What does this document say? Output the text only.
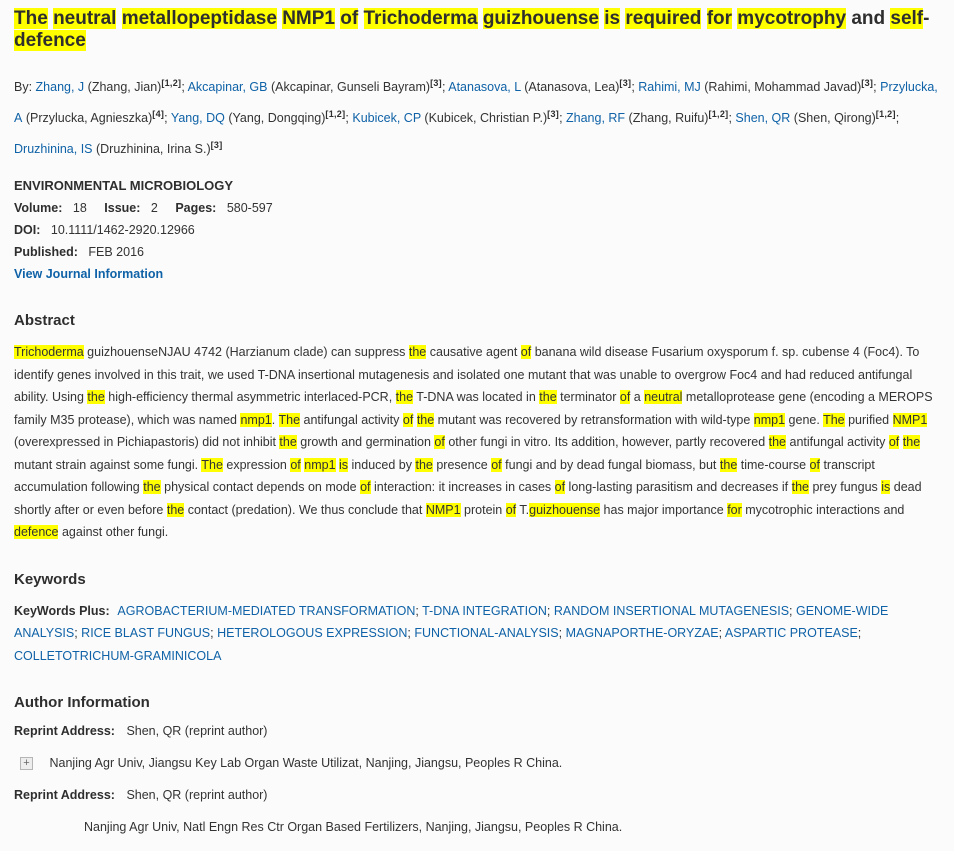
The neutral metallopeptidase NMP1 of Trichoderma guizhouense is required for mycotrophy and self-defence

By: Zhang, J (Zhang, Jian)[1,2]; Akcapinar, GB (Akcapinar, Gunseli Bayram)[3]; Atanasova, L (Atanasova, Lea)[3]; Rahimi, MJ (Rahimi, Mohammad Javad)[3]; Przylucka, A (Przylucka, Agnieszka)[4]; Yang, DQ (Yang, Dongqing)[1,2]; Kubicek, CP (Kubicek, Christian P.)[3]; Zhang, RF (Zhang, Ruifu)[1,2]; Shen, QR (Shen, Qirong)[1,2]; Druzhinina, IS (Druzhinina, Irina S.)[3]

ENVIRONMENTAL MICROBIOLOGY
Volume: 18 Issue: 2 Pages: 580-597
DOI: 10.1111/1462-2920.12966
Published: FEB 2016
View Journal Information
Abstract

Trichoderma guizhouenseNJAU 4742 (Harzianum clade) can suppress the causative agent of banana wild disease Fusarium oxysporum f. sp. cubense 4 (Foc4). To identify genes involved in this trait, we used T-DNA insertional mutagenesis and isolated one mutant that was unable to overgrow Foc4 and had reduced antifungal ability. Using the high-efficiency thermal asymmetric interlaced-PCR, the T-DNA was located in the terminator of a neutral metalloprotease gene (encoding a MEROPS family M35 protease), which was named nmp1. The antifungal activity of the mutant was recovered by retransformation with wild-type nmp1 gene. The purified NMP1 (overexpressed in Pichiapastoris) did not inhibit the growth and germination of other fungi in vitro. Its addition, however, partly recovered the antifungal activity of the mutant strain against some fungi. The expression of nmp1 is induced by the presence of fungi and by dead fungal biomass, but the time-course of transcript accumulation following the physical contact depends on mode of interaction: it increases in cases of long-lasting parasitism and decreases if the prey fungus is dead shortly after or even before the contact (predation). We thus conclude that NMP1 protein of T.guizhouense has major importance for mycotrophic interactions and defence against other fungi.

Keywords

KeyWords Plus: AGROBACTERIUM-MEDIATED TRANSFORMATION; T-DNA INTEGRATION; RANDOM INSERTIONAL MUTAGENESIS; GENOME-WIDE ANALYSIS; RICE BLAST FUNGUS; HETEROLOGOUS EXPRESSION; FUNCTIONAL-ANALYSIS; MAGNAPORTHE-ORYZAE; ASPARTIC PROTEASE; COLLETOTRICHUM-GRAMINICOLA

Author Information
Reprint Address: Shen, QR (reprint author)
+ Nanjing Agr Univ, Jiangsu Key Lab Organ Waste Utilizat, Nanjing, Jiangsu, Peoples R China.
Reprint Address: Shen, QR (reprint author)
Nanjing Agr Univ, Natl Engn Res Ctr Organ Based Fertilizers, Nanjing, Jiangsu, Peoples R China.
